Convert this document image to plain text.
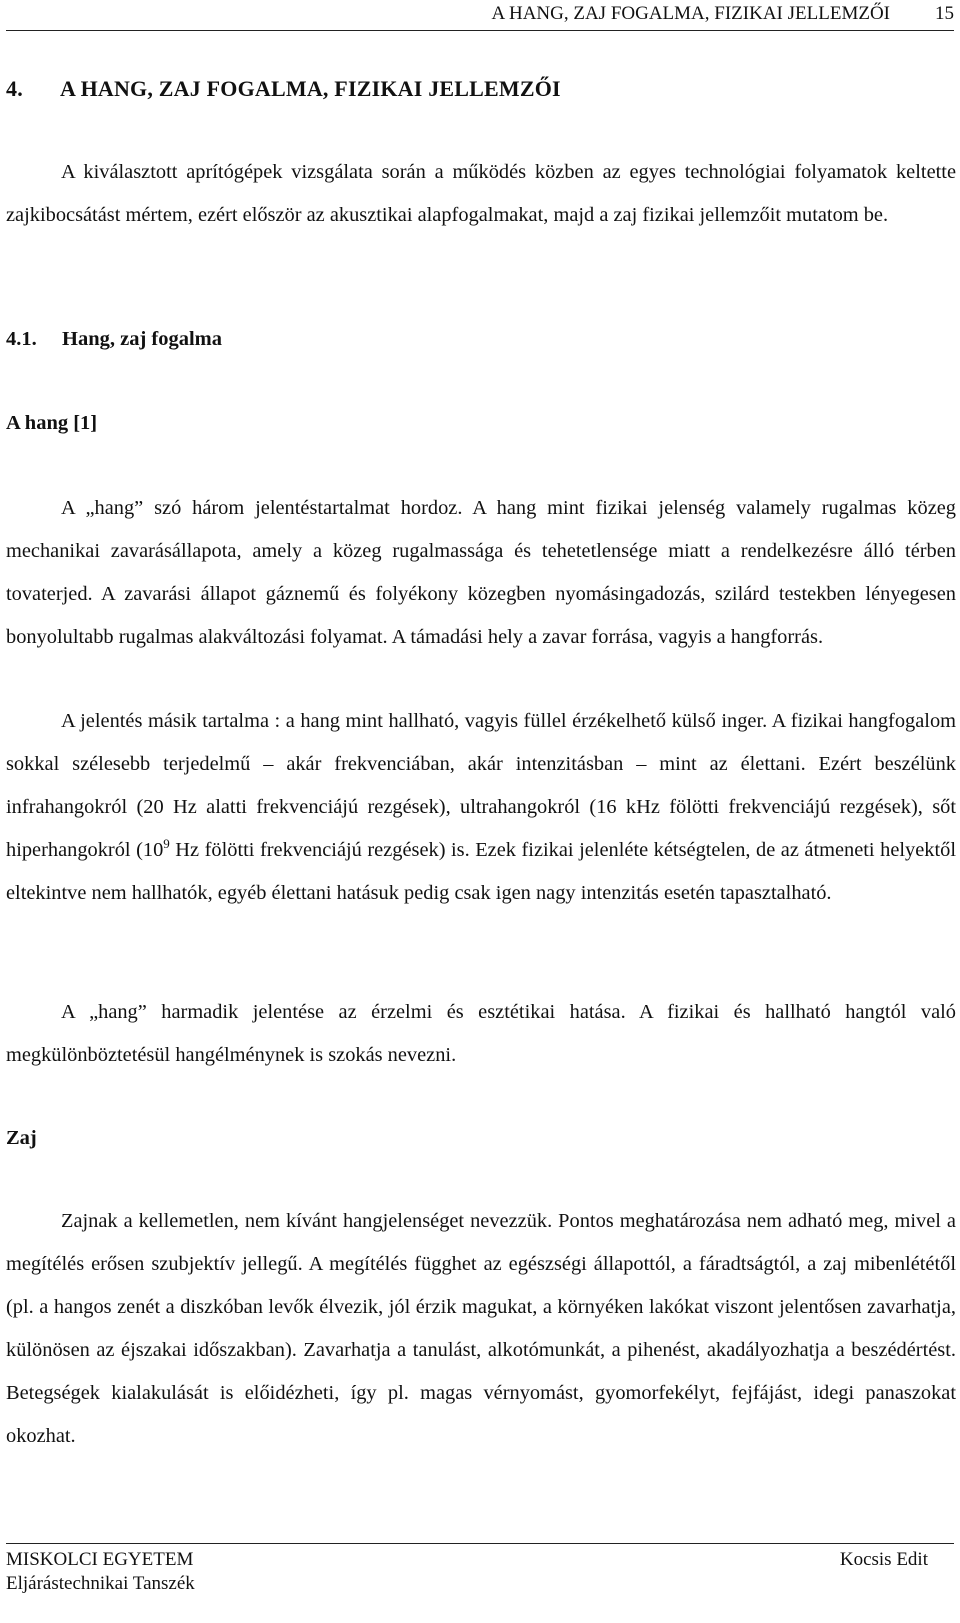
A HANG, ZAJ FOGALMA, FIZIKAI JELLEMZŐI 15
4. A HANG, ZAJ FOGALMA, FIZIKAI JELLEMZŐI

A kiválasztott aprítógépek vizsgálata során a működés közben az egyes technológiai folyamatok keltette zajkibocsátást mértem, ezért először az akusztikai alapfogalmakat, majd a zaj fizikai jellemzőit mutatom be.

4.1. Hang, zaj fogalma
A hang [1]

A „hang” szó három jelentéstartalmat hordoz. A hang mint fizikai jelenség valamely rugalmas közeg mechanikai zavarásállapota, amely a közeg rugalmassága és tehetetlensége miatt a rendelkezésre álló térben tovaterjed. A zavarási állapot gáznemű és folyékony közegben nyomásingadozás, szilárd testekben lényegesen bonyolultabb rugalmas alakváltozási folyamat. A támadási hely a zavar forrása, vagyis a hangforrás.

A jelentés másik tartalma : a hang mint hallható, vagyis füllel érzékelhető külső inger. A fizikai hangfogalom sokkal szélesebb terjedelmű – akár frekvenciában, akár intenzitásban – mint az élettani. Ezért beszélünk infrahangokról (20 Hz alatti frekvenciájú rezgések), ultrahangokról (16 kHz fölötti frekvenciájú rezgések), sőt hiperhangokról ($10^9$ Hz fölötti frekvenciájú rezgések) is. Ezek fizikai jelenléte kétségtelen, de az átmeneti helyektől eltekintve nem hallhatók, egyéb élettani hatásuk pedig csak igen nagy intenzitás esetén tapasztalható.

A „hang” harmadik jelentése az érzelmi és esztétikai hatása. A fizikai és hallható hangtól való megkülönböztetésül hangélménynek is szokás nevezni.

Zaj

Zajnak a kellemetlen, nem kívánt hangjelenséget nevezzük. Pontos meghatározása nem adható meg, mivel a megítélés erősen szubjektív jellegű. A megítélés függhet az egészségi állapottól, a fáradtságtól, a zaj mibenlététől (pl. a hangos zenét a diszkóban levők élvezik, jól érzik magukat, a környéken lakókat viszont jelentősen zavarhatja, különösen az éjszakai időszakban). Zavarhatja a tanulást, alkotómunkát, a pihenést, akadályozhatja a beszédértést. Betegségek kialakulását is előidézheti, így pl. magas vérnyomást, gyomorfekélyt, fejfájást, idegi panaszokat okozhat.

MISKOLCI EGYETEM
Eljárástechnikai Tanszék
Kocsis Edit
